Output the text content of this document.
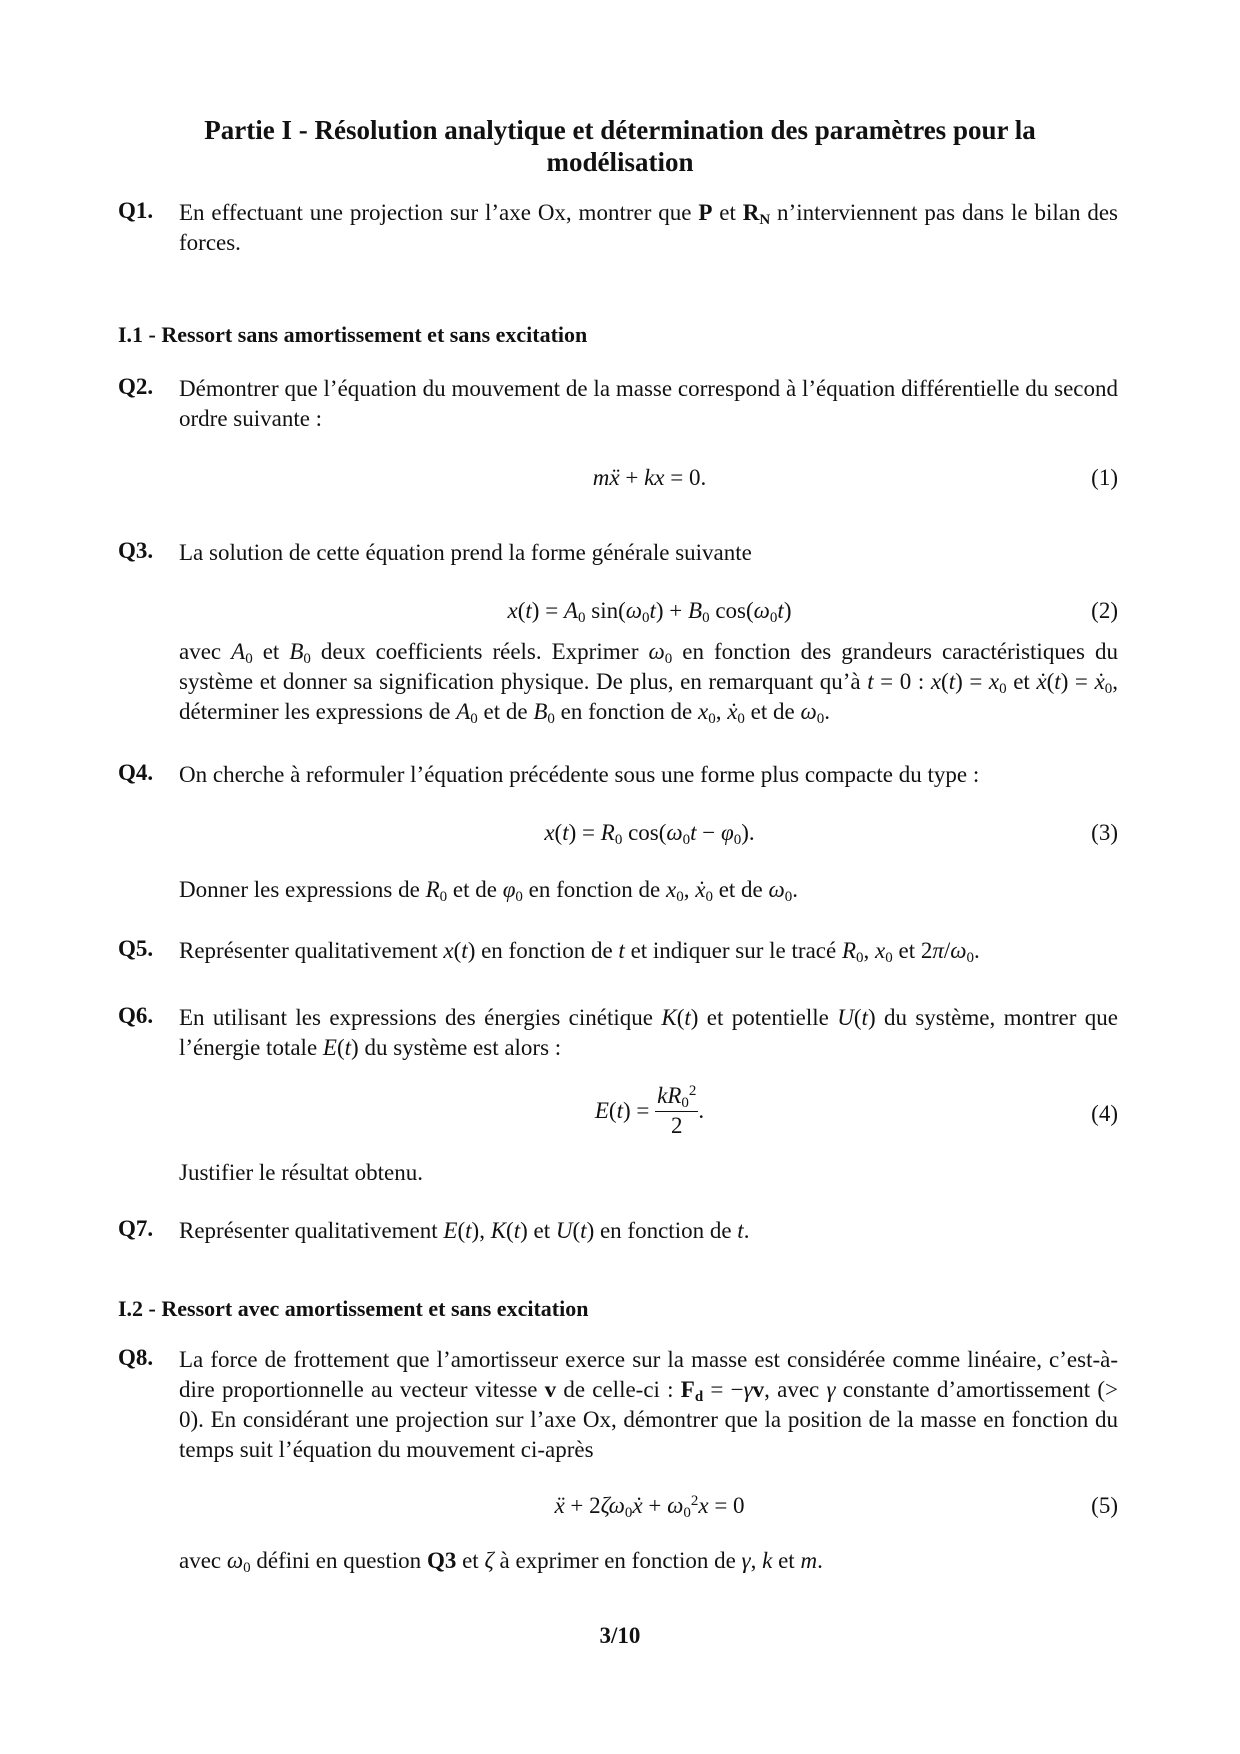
Partie I - Résolution analytique et détermination des paramètres pour la
modélisation
Q1. En effectuant une projection sur l’axe Ox, montrer que P et $R_N$ n’interviennent pas dans le bilan des forces.
I.1 - Ressort sans amortissement et sans excitation
Q2. Démontrer que l’équation du mouvement de la masse correspond à l’équation différentielle du second ordre suivante :
mẍ + kx = 0.	(1)
Q3. La solution de cette équation prend la forme générale suivante
$x(t) = A_0$ $\sin(\omega_0t) + B_0$ $\cos(\omega_0t)$	(2)
avec $A_0$ et $B_0$ deux coefficients réels. Exprimer $\omega_0$ en fonction des grandeurs caractéristiques du système et donner sa signification physique. De plus, en remarquant qu’à t = 0 : $x(t) = x_0$ et ẋ(t) = ẋ$_0$, déterminer les expressions de $A_0$ et de $B_0$ en fonction de $x_0$, ẋ$_0$ et de $\omega_0$.
Q4. On cherche à reformuler l’équation précédente sous une forme plus compacte du type :
$x(t) = R_0$ $\cos(\omega_0t - \varphi_0)$.	(3)
Donner les expressions de $R_0$ et de $\varphi_0$ en fonction de $x_0$, ẋ$_0$ et de $\omega_0$.
Q5. Représenter qualitativement x(t) en fonction de t et indiquer sur le tracé $R_0$, $x_0$ et $2\pi/\omega_0$.
Q6. En utilisant les expressions des énergies cinétique K(t) et potentielle U(t) du système, montrer que l’énergie totale E(t) du système est alors :
$E(t) = \frac{kR_0^2}{2}$ .	(4)
Justifier le résultat obtenu.
Q7. Représenter qualitativement E(t), K(t) et U(t) en fonction de t.
I.2 - Ressort avec amortissement et sans excitation
Q8. La force de frottement que l’amortisseur exerce sur la masse est considérée comme linéaire, c’est-à-dire proportionnelle au vecteur vitesse v de celle-ci : $F_d = -\gamma v$, avec γ constante d’amortissement (> 0). En considérant une projection sur l’axe Ox, démontrer que la position de la masse en fonction du temps suit l’équation du mouvement ci-après
ẍ + $2\zeta\omega_0ẋ + \omega_0^2x = 0$	(5)
avec $\omega_0$ défini en question Q3 et ζ à exprimer en fonction de γ, k et m.
3/10
